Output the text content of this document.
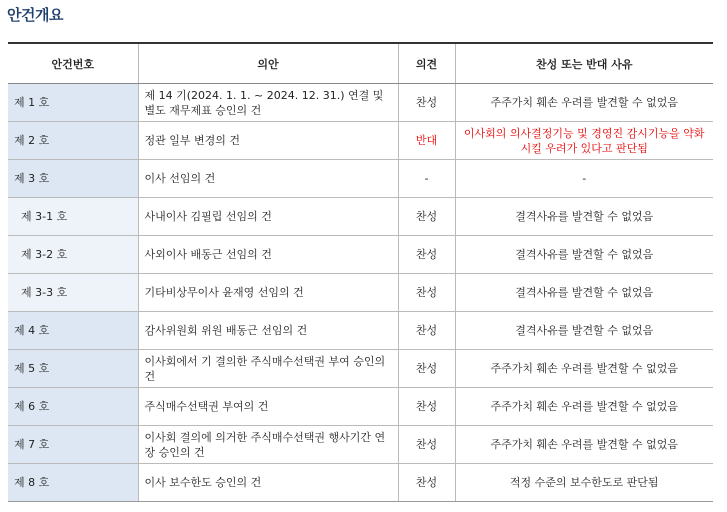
안건개요
안건번호	의안	의견	찬성 또는 반대 사유
제 1 호	제 14 기(2024. 1. 1. ~ 2024. 12. 31.) 연결 및 별도 재무제표 승인의 건	찬성	주주가치 훼손 우려를 발견할 수 없었음
제 2 호	정관 일부 변경의 건	반대	이사회의 의사결정기능 및 경영진 감시기능을 약화시킬 우려가 있다고 판단됨
제 3 호	이사 선임의 건	-	-
제 3-1 호	사내이사 김필립 선임의 건	찬성	결격사유를 발견할 수 없었음
제 3-2 호	사외이사 배동근 선임의 건	찬성	결격사유를 발견할 수 없었음
제 3-3 호	기타비상무이사 윤재영 선임의 건	찬성	결격사유를 발견할 수 없었음
제 4 호	감사위원회 위원 배동근 선임의 건	찬성	결격사유를 발견할 수 없었음
제 5 호	이사회에서 기 결의한 주식매수선택권 부여 승인의 건	찬성	주주가치 훼손 우려를 발견할 수 없었음
제 6 호	주식매수선택권 부여의 건	찬성	주주가치 훼손 우려를 발견할 수 없었음
제 7 호	이사회 결의에 의거한 주식매수선택권 행사기간 연장 승인의 건	찬성	주주가치 훼손 우려를 발견할 수 없었음
제 8 호	이사 보수한도 승인의 건	찬성	적정 수준의 보수한도로 판단됨
